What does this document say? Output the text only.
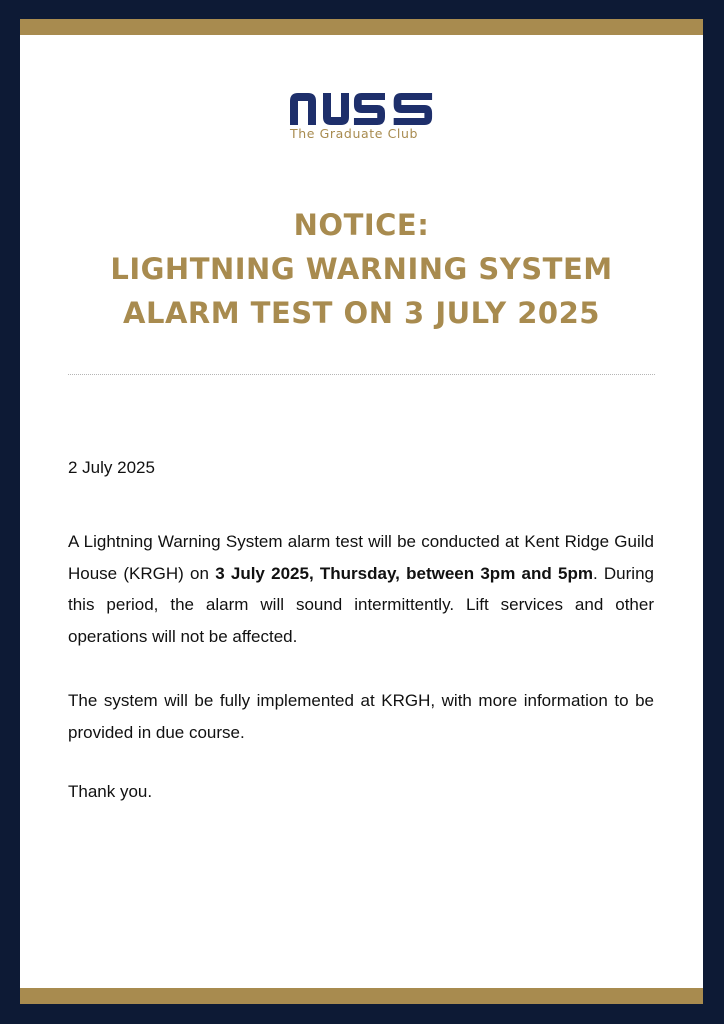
The Graduate Club
NOTICE:
LIGHTNING WARNING SYSTEM
ALARM TEST ON 3 JULY 2025
2 July 2025
A Lightning Warning System alarm test will be conducted at Kent Ridge Guild House (KRGH) on 3 July 2025, Thursday, between 3pm and 5pm. During this period, the alarm will sound intermittently. Lift services and other operations will not be affected.
The system will be fully implemented at KRGH, with more information to be provided in due course.
Thank you.
